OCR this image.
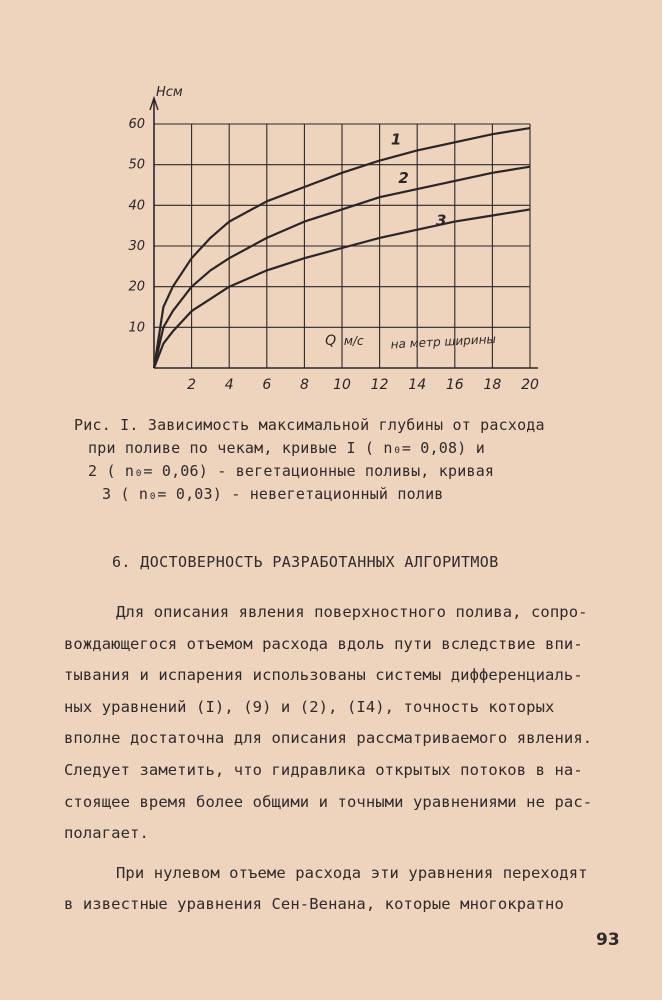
10
20
30
40
50
60
2 4 6 8 10 12 14 16 18 20
Hсм
Q м/с на метр ширины
1
2
3
Рис. I. Зависимость максимальной глубины от расхода
при поливе по чекам, кривые I ( n₀= 0,08) и
2 ( n₀= 0,06) - вегетационные поливы, кривая
3 ( n₀= 0,03) - невегетационный полив
6. ДОСТОВЕРНОСТЬ РАЗРАБОТАННЫХ АЛГОРИТМОВ
Для описания явления поверхностного полива, сопро-
вождающегося отъемом расхода вдоль пути вследствие впи-
тывания и испарения использованы системы дифференциаль-
ных уравнений (I), (9) и (2), (I4), точность которых
вполне достаточна для описания рассматриваемого явления.
Следует заметить, что гидравлика открытых потоков в на-
стоящее время более общими и точными уравнениями не рас-
полагает.
При нулевом отъеме расхода эти уравнения переходят
в известные уравнения Сен-Венана, которые многократно
93
